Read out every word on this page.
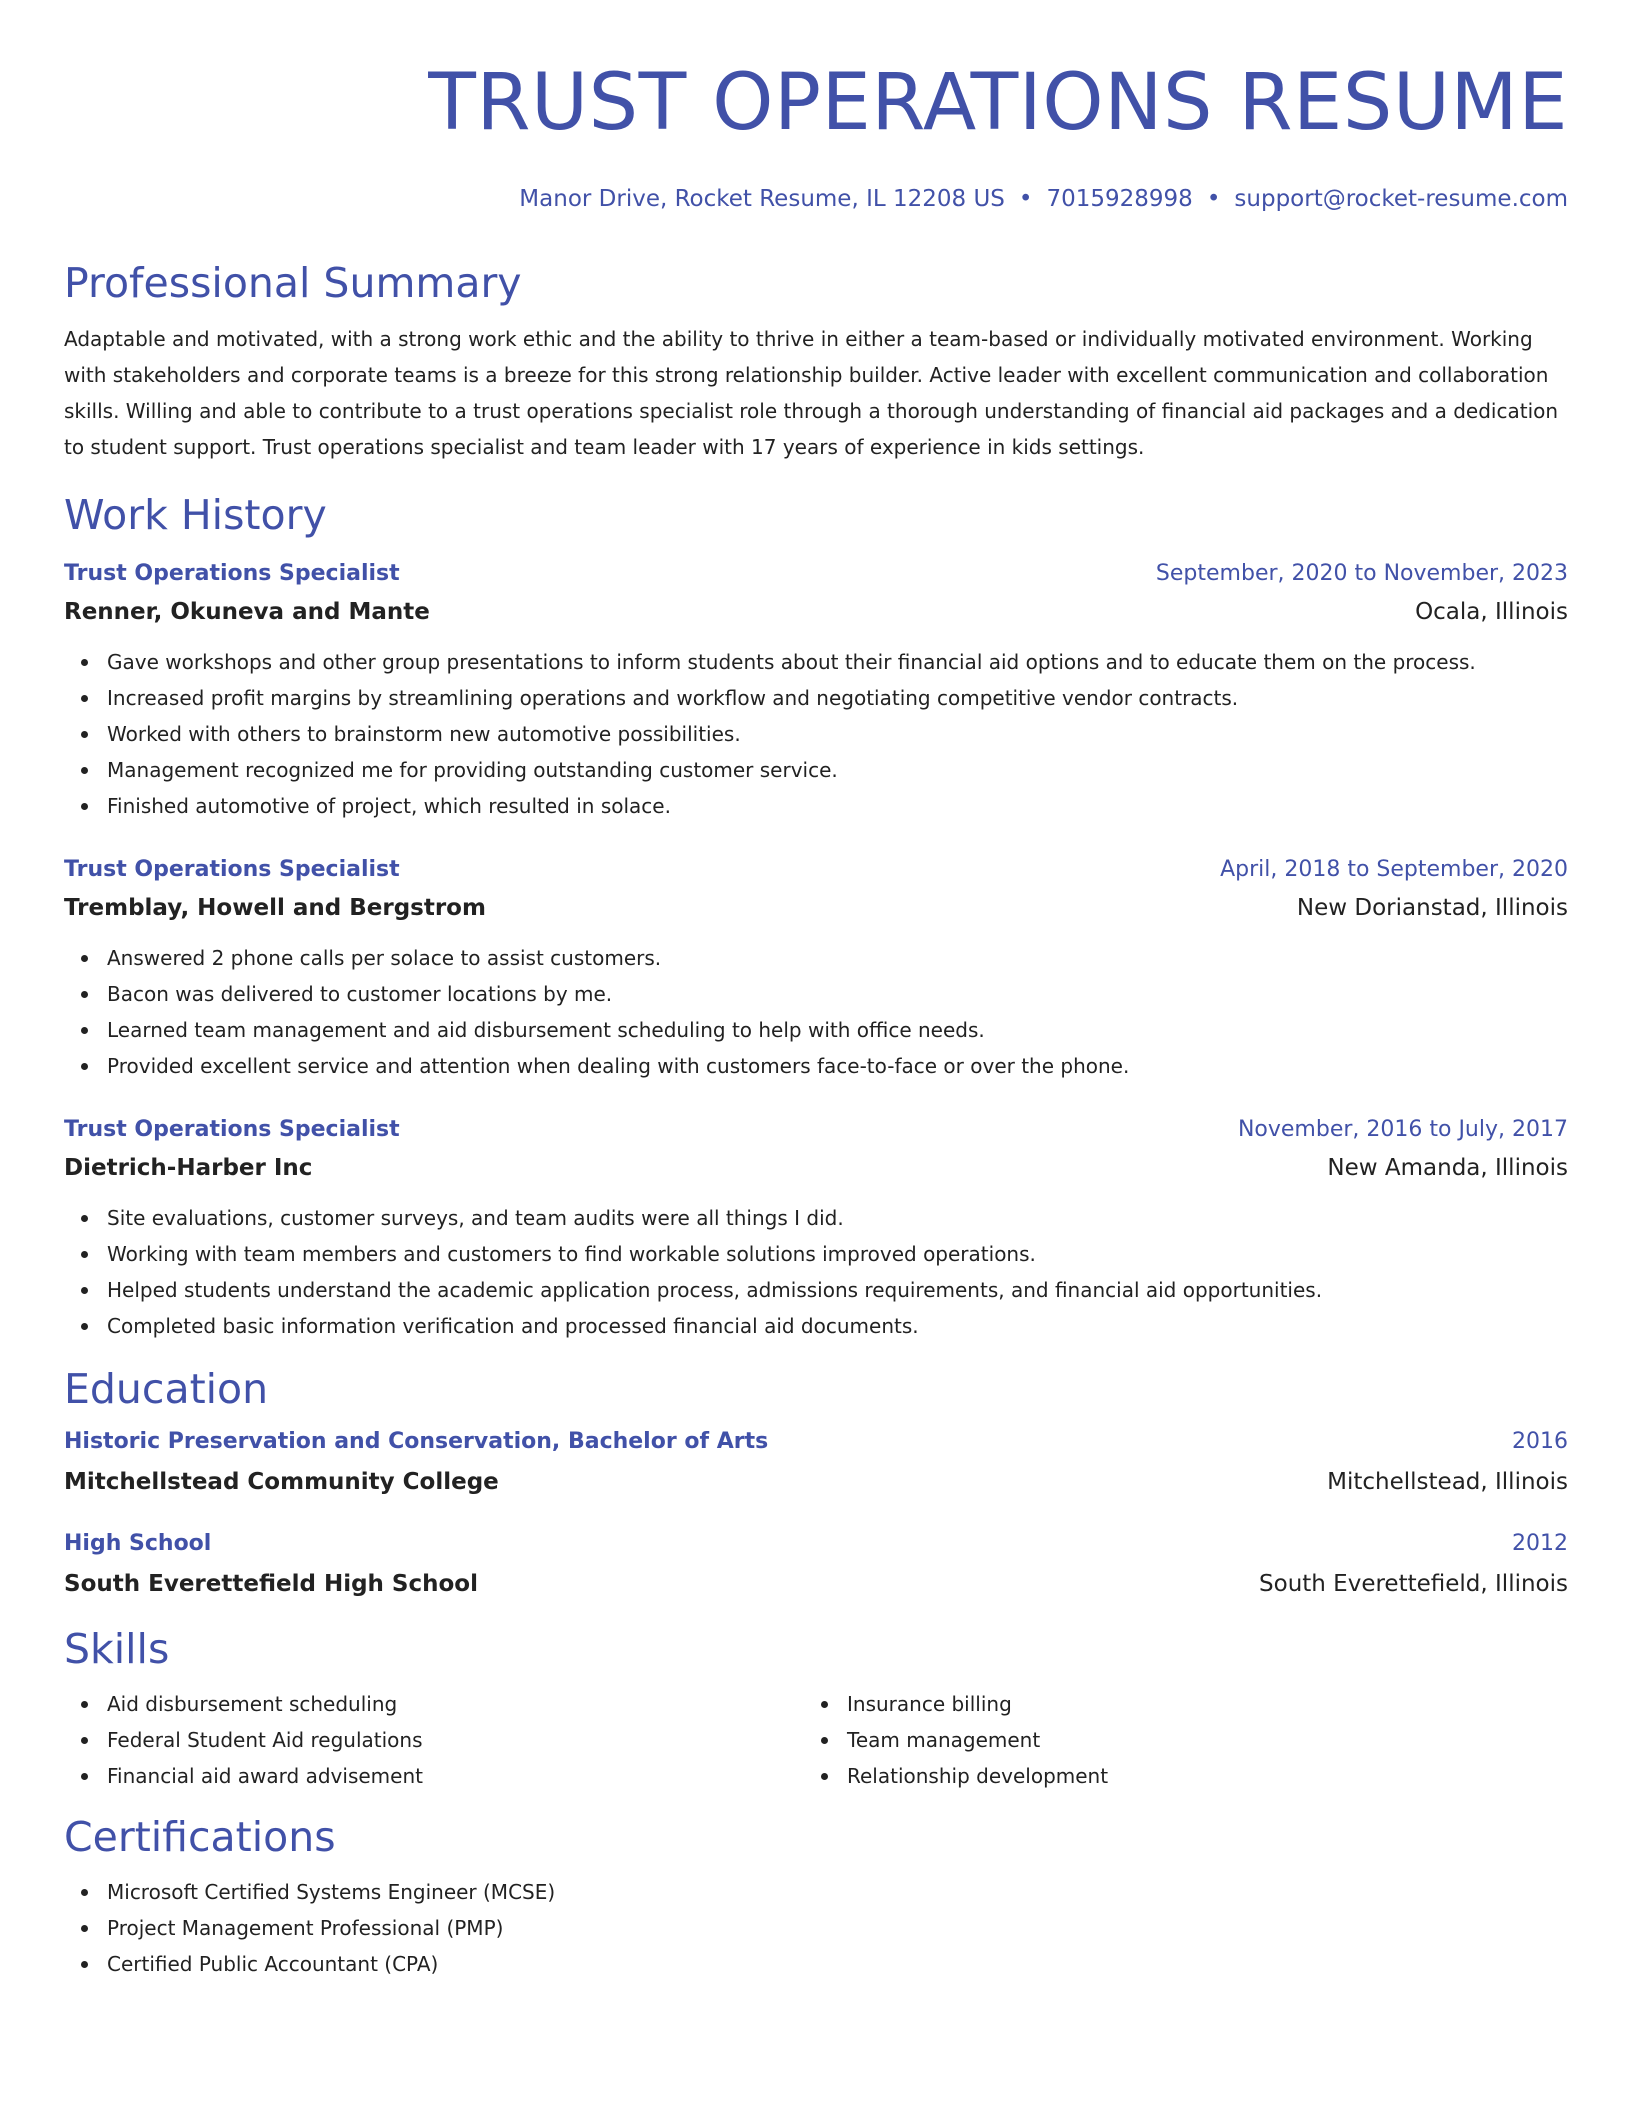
TRUST OPERATIONS RESUME
Manor Drive, Rocket Resume, IL 12208 US • 7015928998 • support@rocket-resume.com
Professional Summary
Adaptable and motivated, with a strong work ethic and the ability to thrive in either a team-based or individually motivated environment. Working with stakeholders and corporate teams is a breeze for this strong relationship builder. Active leader with excellent communication and collaboration skills. Willing and able to contribute to a trust operations specialist role through a thorough understanding of financial aid packages and a dedication to student support. Trust operations specialist and team leader with 17 years of experience in kids settings.
Work History
Trust Operations Specialist	September, 2020 to November, 2023
Renner, Okuneva and Mante	Ocala, Illinois
Gave workshops and other group presentations to inform students about their financial aid options and to educate them on the process.
Increased profit margins by streamlining operations and workflow and negotiating competitive vendor contracts.
Worked with others to brainstorm new automotive possibilities.
Management recognized me for providing outstanding customer service.
Finished automotive of project, which resulted in solace.
Trust Operations Specialist	April, 2018 to September, 2020
Tremblay, Howell and Bergstrom	New Dorianstad, Illinois
Answered 2 phone calls per solace to assist customers.
Bacon was delivered to customer locations by me.
Learned team management and aid disbursement scheduling to help with office needs.
Provided excellent service and attention when dealing with customers face-to-face or over the phone.
Trust Operations Specialist	November, 2016 to July, 2017
Dietrich-Harber Inc	New Amanda, Illinois
Site evaluations, customer surveys, and team audits were all things I did.
Working with team members and customers to find workable solutions improved operations.
Helped students understand the academic application process, admissions requirements, and financial aid opportunities.
Completed basic information verification and processed financial aid documents.
Education
Historic Preservation and Conservation, Bachelor of Arts	2016
Mitchellstead Community College	Mitchellstead, Illinois
High School	2012
South Everettefield High School	South Everettefield, Illinois
Skills
Aid disbursement scheduling
Federal Student Aid regulations
Financial aid award advisement
Insurance billing
Team management
Relationship development
Certifications
Microsoft Certified Systems Engineer (MCSE)
Project Management Professional (PMP)
Certified Public Accountant (CPA)
